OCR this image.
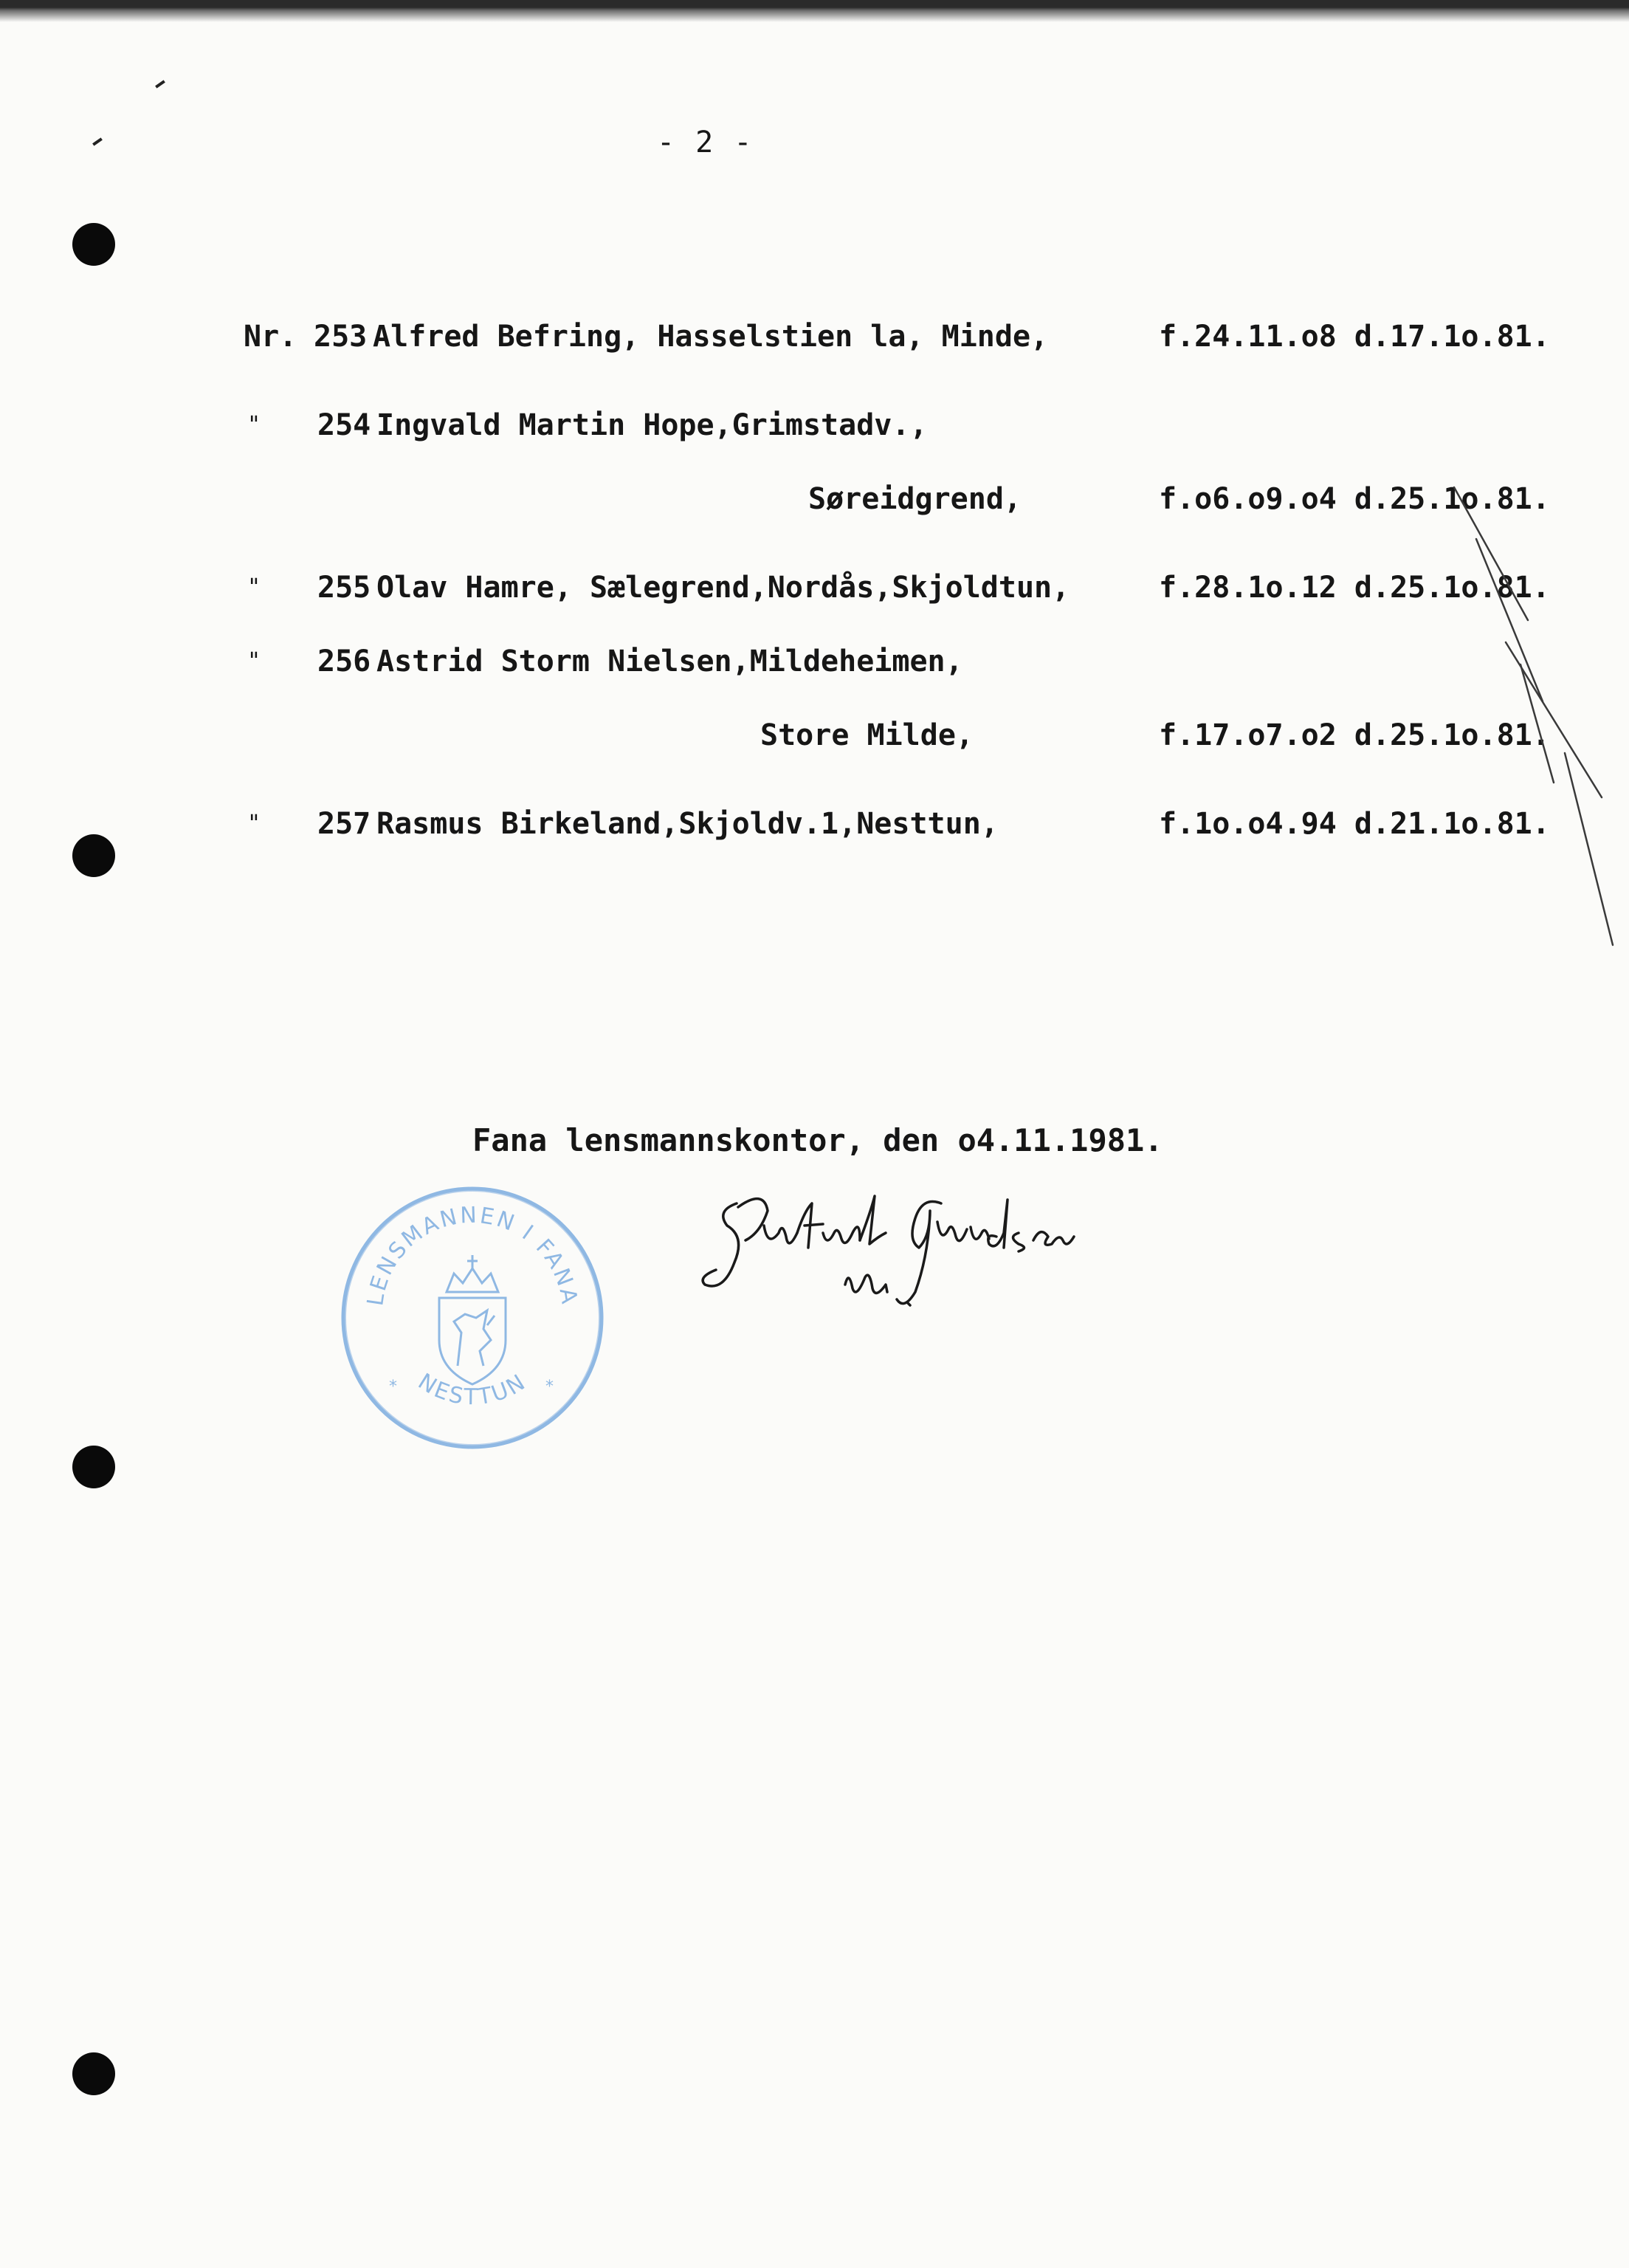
- 2 -
Nr. 253 Alfred Befring, Hasselstien la, Minde,	f.24.11.o8 d.17.1o.81.
"	254 Ingvald Martin Hope,Grimstadv.,
Søreidgrend,	f.o6.o9.o4 d.25.1o.81.
"	255 Olav Hamre, Sælegrend,Nordås,Skjoldtun,	f.28.1o.12 d.25.1o.81.
"	256 Astrid Storm Nielsen,Mildeheimen,
Store Milde,	f.17.o7.o2 d.25.1o.81.
"	257 Rasmus Birkeland,Skjoldv.1,Nesttun,	f.1o.o4.94 d.21.1o.81.
Fana lensmannskontor, den o4.11.1981.
LENSMANNEN I FANA
NESTTUN
*	*
